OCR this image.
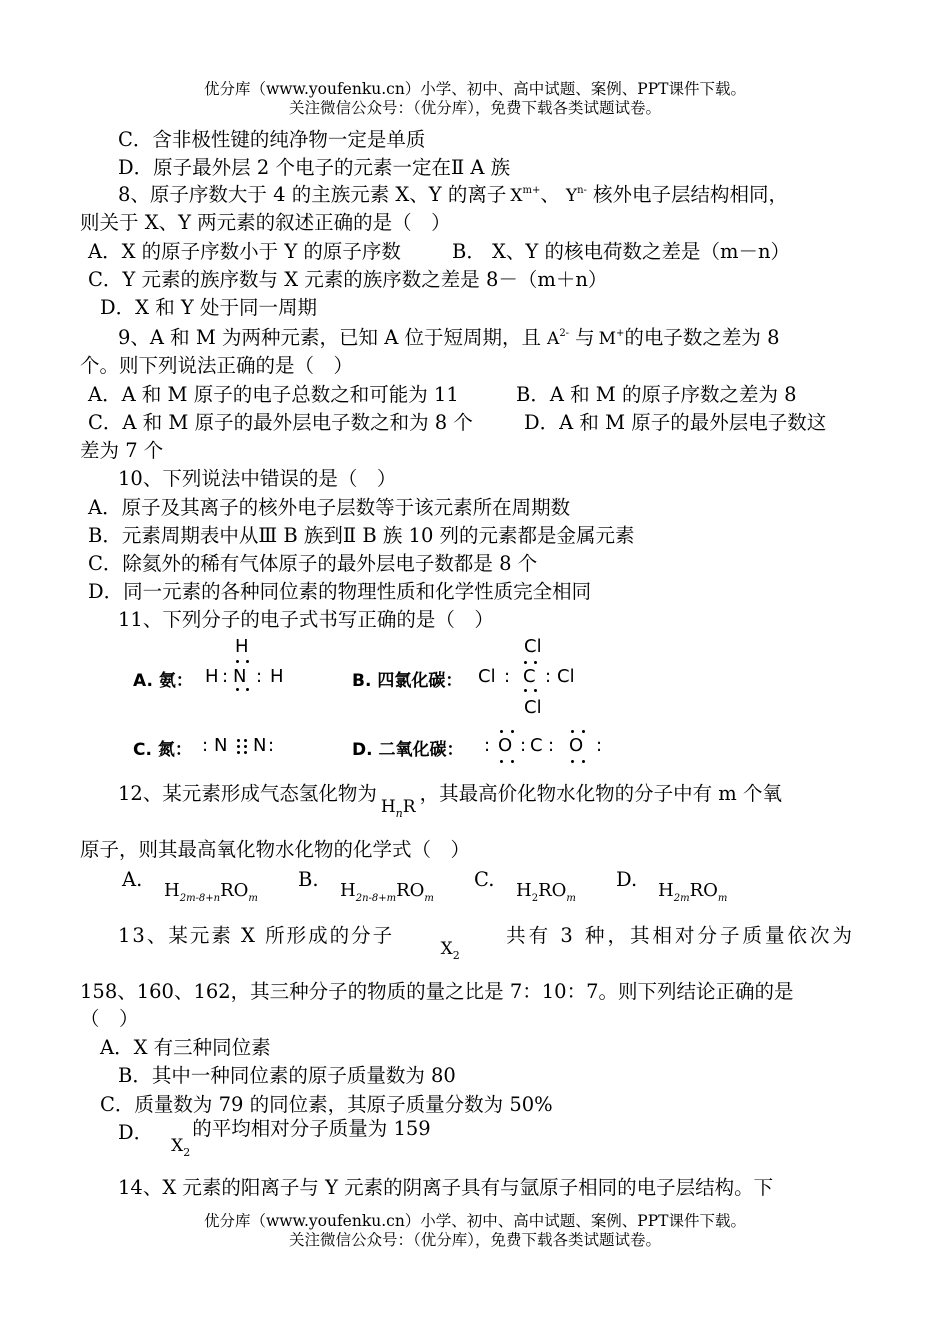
优分库（www.youfenku.cn）小学、初中、高中试题、案例、PPT课件下载。
关注微信公众号：（优分库），免费下载各类试题试卷。
C．含非极性键的纯净物一定是单质
D．原子最外层 2 个电子的元素一定在Ⅱ A 族
8、原子序数大于 4 的主族元素 X、Y 的离子 $X^{m+}$、 $Y^{n-}$ 核外电子层结构相同，
则关于 X、Y 两元素的叙述正确的是（　）
A．X 的原子序数小于 Y 的原子序数	B． X、Y 的核电荷数之差是（m－n）
C．Y 元素的族序数与 X 元素的族序数之差是 8－（m＋n）
D．X 和 Y 处于同一周期
9、A 和 M 为两种元素，已知 A 位于短周期，且 $A^{2-}$ 与 M+的电子数之差为 8
个。则下列说法正确的是（　）
A．A 和 M 原子的电子总数之和可能为 11	B．A 和 M 的原子序数之差为 8
C．A 和 M 原子的最外层电子数之和为 8 个	D．A 和 M 原子的最外层电子数这
差为 7 个
10、下列说法中错误的是（　）
A．原子及其离子的核外电子层数等于该元素所在周期数
B．元素周期表中从Ⅲ B 族到Ⅱ B 族 10 列的元素都是金属元素
C．除氦外的稀有气体原子的最外层电子数都是 8 个
D．同一元素的各种同位素的物理性质和化学性质完全相同
11、下列分子的电子式书写正确的是（　）
A. 氨： H : N : H
H
B. 四氯化碳： Cl : C : Cl
Cl
Cl
C. 氮： : N N :	D. 二氧化碳： : O : C : O :
12、某元素形成气态氢化物为$H_nR$，其最高价化物水化物的分子中有 m 个氧
原子，则其最高氧化物水化物的化学式（　）
A. $H_{2m-8+n}RO_m$
B. $H_{2n-8+m}RO_m$
C. $H_2RO_m$
D. $H_{2m}RO_m$
13、某元素 X 所形成的分子
$X_2$
共有 3 种，其相对分子质量依次为
158、160、162，其三种分子的物质的量之比是 7：10：7。则下列结论正确的是
（　）
A．X 有三种同位素
B．其中一种同位素的原子质量数为 80
C．质量数为 79 的同位素，其原子质量分数为 50%
D．$X_2$的平均相对分子质量为 159
14、X 元素的阳离子与 Y 元素的阴离子具有与氩原子相同的电子层结构。下
优分库（www.youfenku.cn）小学、初中、高中试题、案例、PPT课件下载。
关注微信公众号：（优分库），免费下载各类试题试卷。
